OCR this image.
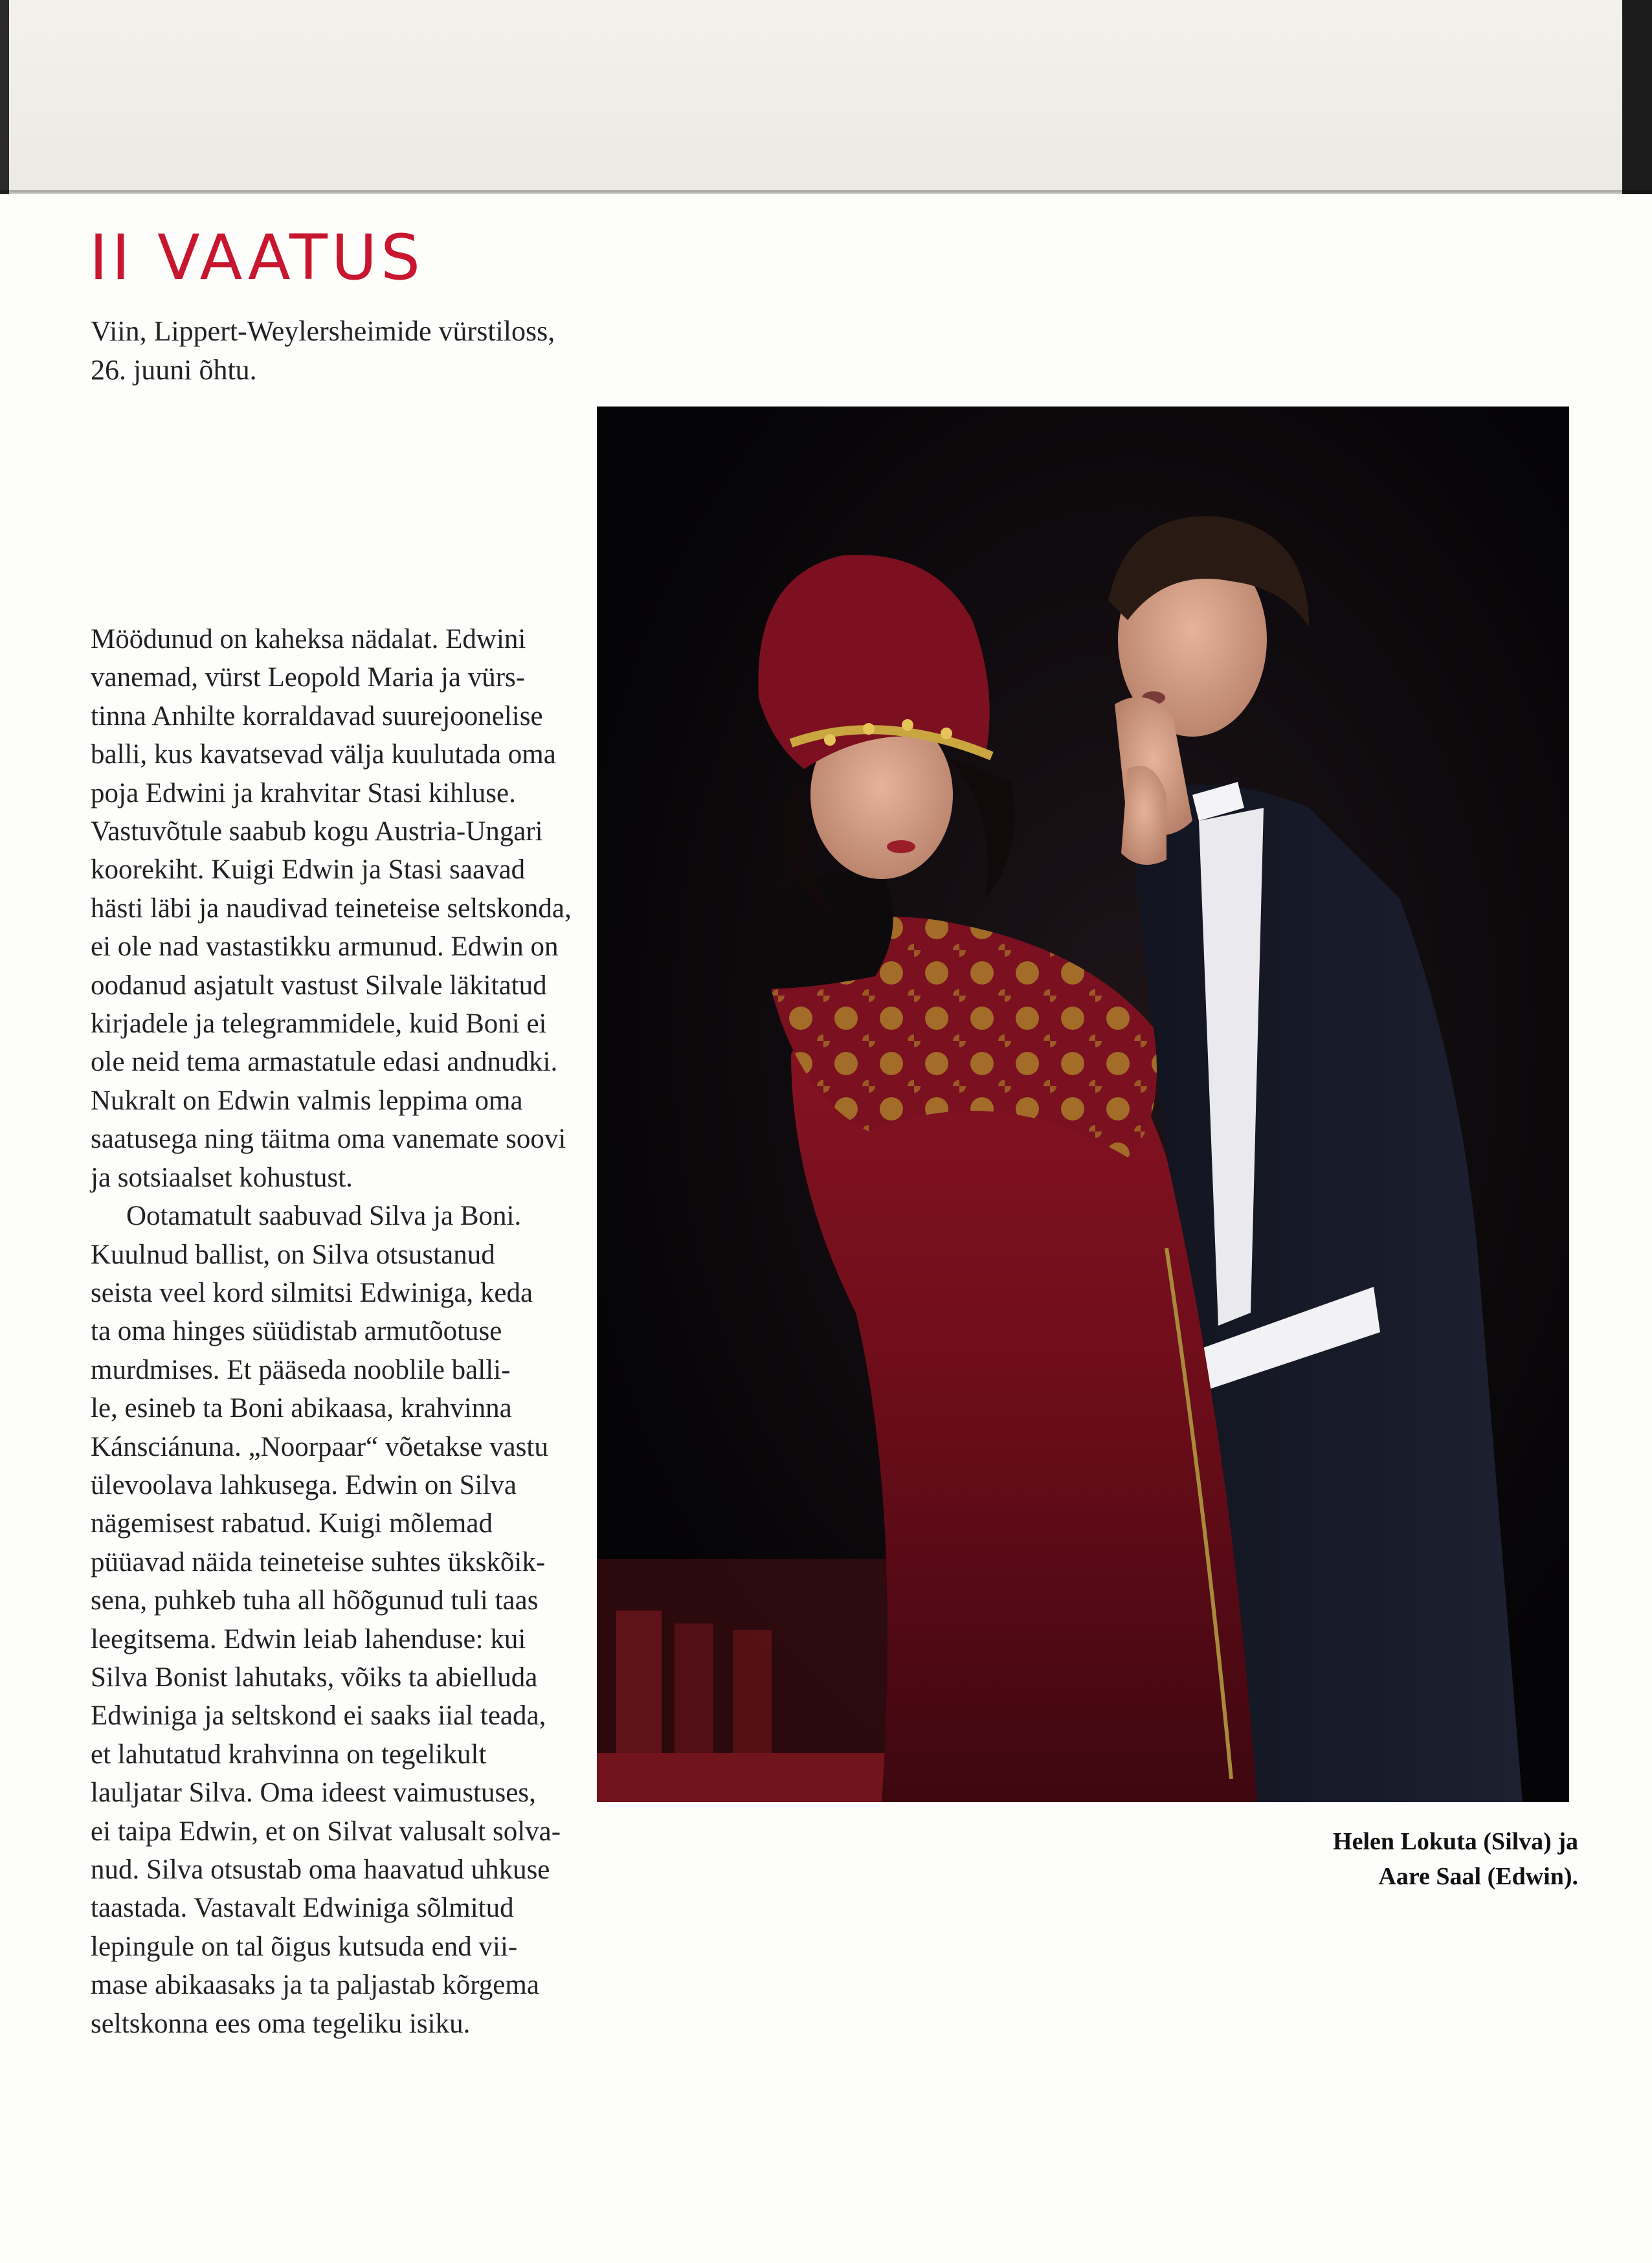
II VAATUS

Viin, Lippert-Weylersheimide vürstiloss,
26. juuni õhtu.

Möödunud on kaheksa nädalat. Edwini
vanemad, vürst Leopold Maria ja vürs-
tinna Anhilte korraldavad suurejoonelise
balli, kus kavatsevad välja kuulutada oma
poja Edwini ja krahvitar Stasi kihluse.
Vastuvõtule saabub kogu Austria-Ungari
koorekiht. Kuigi Edwin ja Stasi saavad
hästi läbi ja naudivad teineteise seltskonda,
ei ole nad vastastikku armunud. Edwin on
oodanud asjatult vastust Silvale läkitatud
kirjadele ja telegrammidele, kuid Boni ei
ole neid tema armastatule edasi andnudki.
Nukralt on Edwin valmis leppima oma
saatusega ning täitma oma vanemate soovi
ja sotsiaalset kohustust.

Ootamatult saabuvad Silva ja Boni.
Kuulnud ballist, on Silva otsustanud
seista veel kord silmitsi Edwiniga, keda
ta oma hinges süüdistab armutõotuse
murdmises. Et pääseda nooblile balli-
le, esineb ta Boni abikaasa, krahvinna
Kánsciánuna. „Noorpaar“ võetakse vastu
ülevoolava lahkusega. Edwin on Silva
nägemisest rabatud. Kuigi mõlemad
püüavad näida teineteise suhtes ükskõik-
sena, puhkeb tuha all hõõgunud tuli taas
leegitsema. Edwin leiab lahenduse: kui
Silva Bonist lahutaks, võiks ta abielluda
Edwiniga ja seltskond ei saaks iial teada,
et lahutatud krahvinna on tegelikult
lauljatar Silva. Oma ideest vaimustuses,
ei taipa Edwin, et on Silvat valusalt solva-
nud. Silva otsustab oma haavatud uhkuse
taastada. Vastavalt Edwiniga sõlmitud
lepingule on tal õigus kutsuda end vii-
mase abikaasaks ja ta paljastab kõrgema
seltskonna ees oma tegeliku isiku.

Helen Lokuta (Silva) ja
Aare Saal (Edwin).
